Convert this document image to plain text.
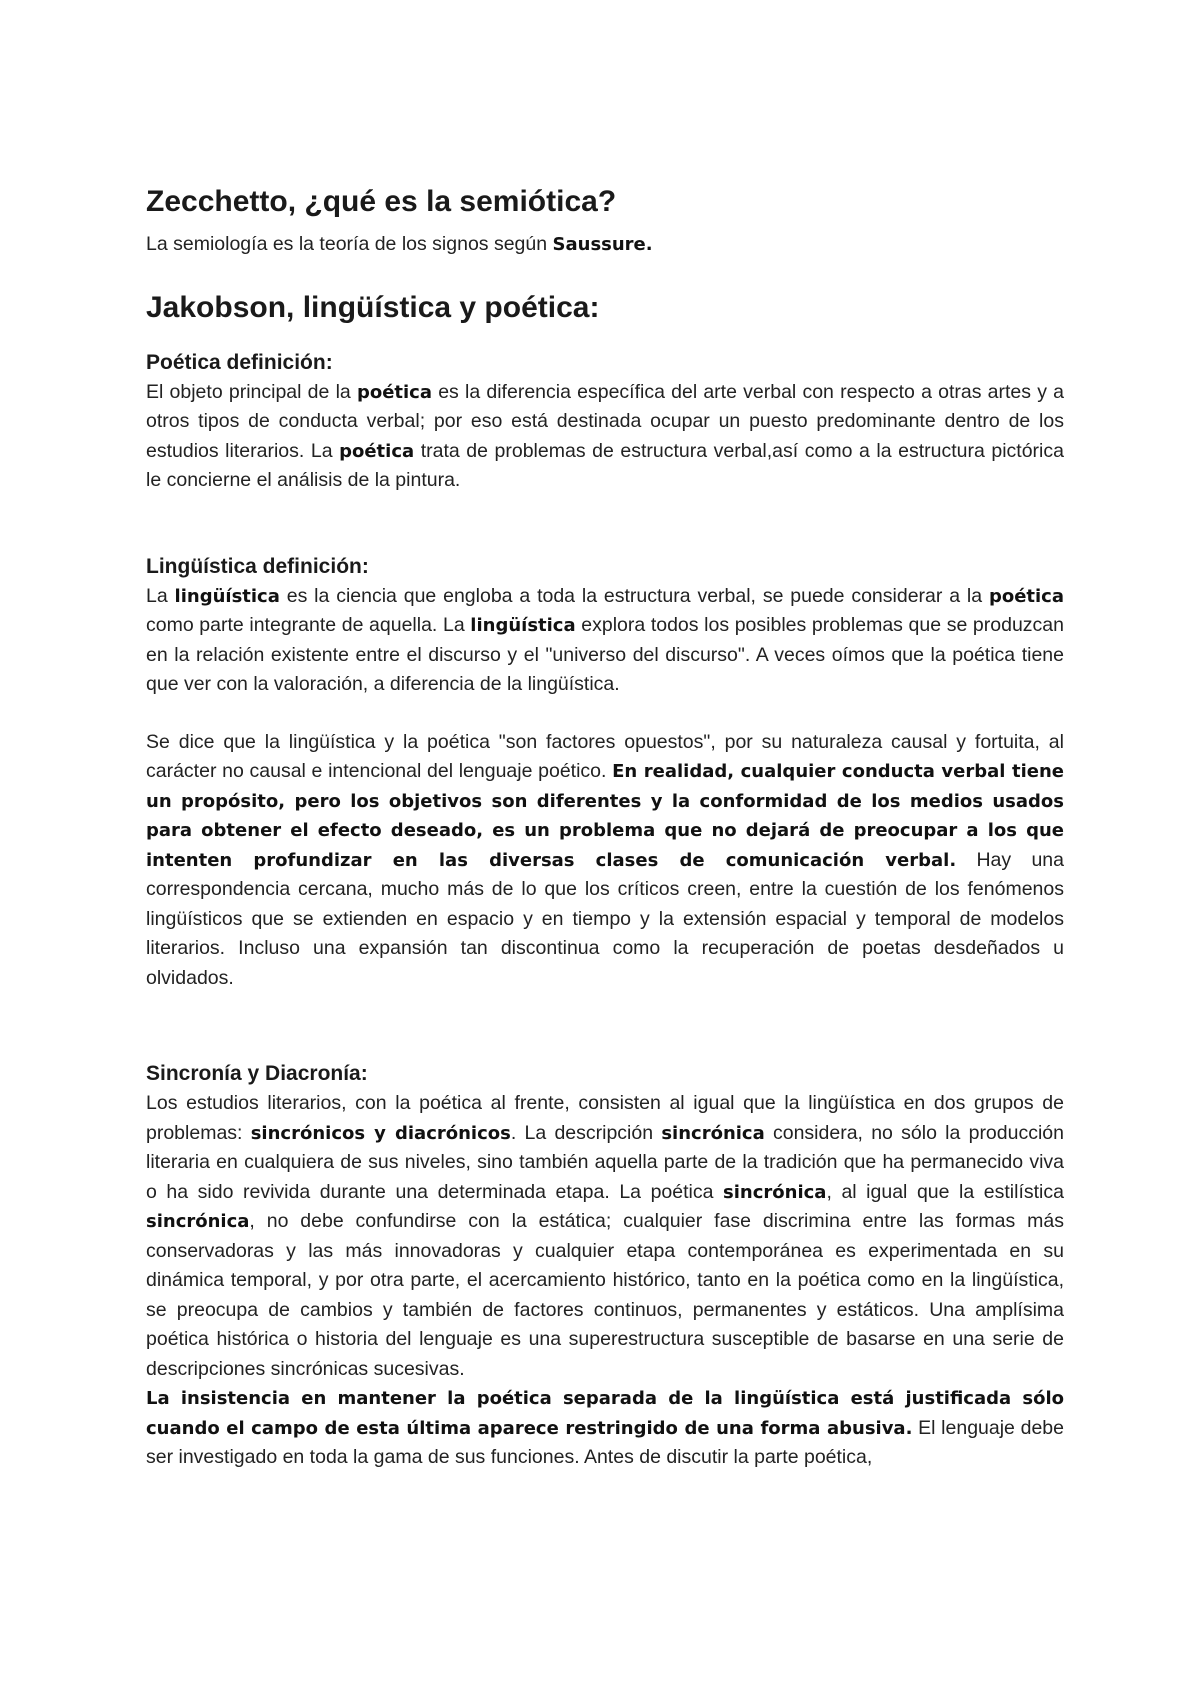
Zecchetto, ¿qué es la semiótica?

La semiología es la teoría de los signos según Saussure.

Jakobson, lingüística y poética:
Poética definición:

El objeto principal de la poética es la diferencia específica del arte verbal con respecto a otras artes y a otros tipos de conducta verbal; por eso está destinada ocupar un puesto predominante dentro de los estudios literarios. La poética trata de problemas de estructura verbal,así como a la estructura pictórica le concierne el análisis de la pintura.

Lingüística definición:

La lingüística es la ciencia que engloba a toda la estructura verbal, se puede considerar a la poética como parte integrante de aquella. La lingüística explora todos los posibles problemas que se produzcan en la relación existente entre el discurso y el "universo del discurso". A veces oímos que la poética tiene que ver con la valoración, a diferencia de la lingüística.

Se dice que la lingüística y la poética "son factores opuestos", por su naturaleza causal y fortuita, al carácter no causal e intencional del lenguaje poético. En realidad, cualquier conducta verbal tiene un propósito, pero los objetivos son diferentes y la conformidad de los medios usados para obtener el efecto deseado, es un problema que no dejará de preocupar a los que intenten profundizar en las diversas clases de comunicación verbal. Hay una correspondencia cercana, mucho más de lo que los críticos creen, entre la cuestión de los fenómenos lingüísticos que se extienden en espacio y en tiempo y la extensión espacial y temporal de modelos literarios. Incluso una expansión tan discontinua como la recuperación de poetas desdeñados u olvidados.

Sincronía y Diacronía:

Los estudios literarios, con la poética al frente, consisten al igual que la lingüística en dos grupos de problemas: sincrónicos y diacrónicos. La descripción sincrónica considera, no sólo la producción literaria en cualquiera de sus niveles, sino también aquella parte de la tradición que ha permanecido viva o ha sido revivida durante una determinada etapa. La poética sincrónica, al igual que la estilística sincrónica, no debe confundirse con la estática; cualquier fase discrimina entre las formas más conservadoras y las más innovadoras y cualquier etapa contemporánea es experimentada en su dinámica temporal, y por otra parte, el acercamiento histórico, tanto en la poética como en la lingüística, se preocupa de cambios y también de factores continuos, permanentes y estáticos. Una amplísima poética histórica o historia del lenguaje es una superestructura susceptible de basarse en una serie de descripciones sincrónicas sucesivas.

La insistencia en mantener la poética separada de la lingüística está justificada sólo cuando el campo de esta última aparece restringido de una forma abusiva. El lenguaje debe ser investigado en toda la gama de sus funciones. Antes de discutir la parte poética,
